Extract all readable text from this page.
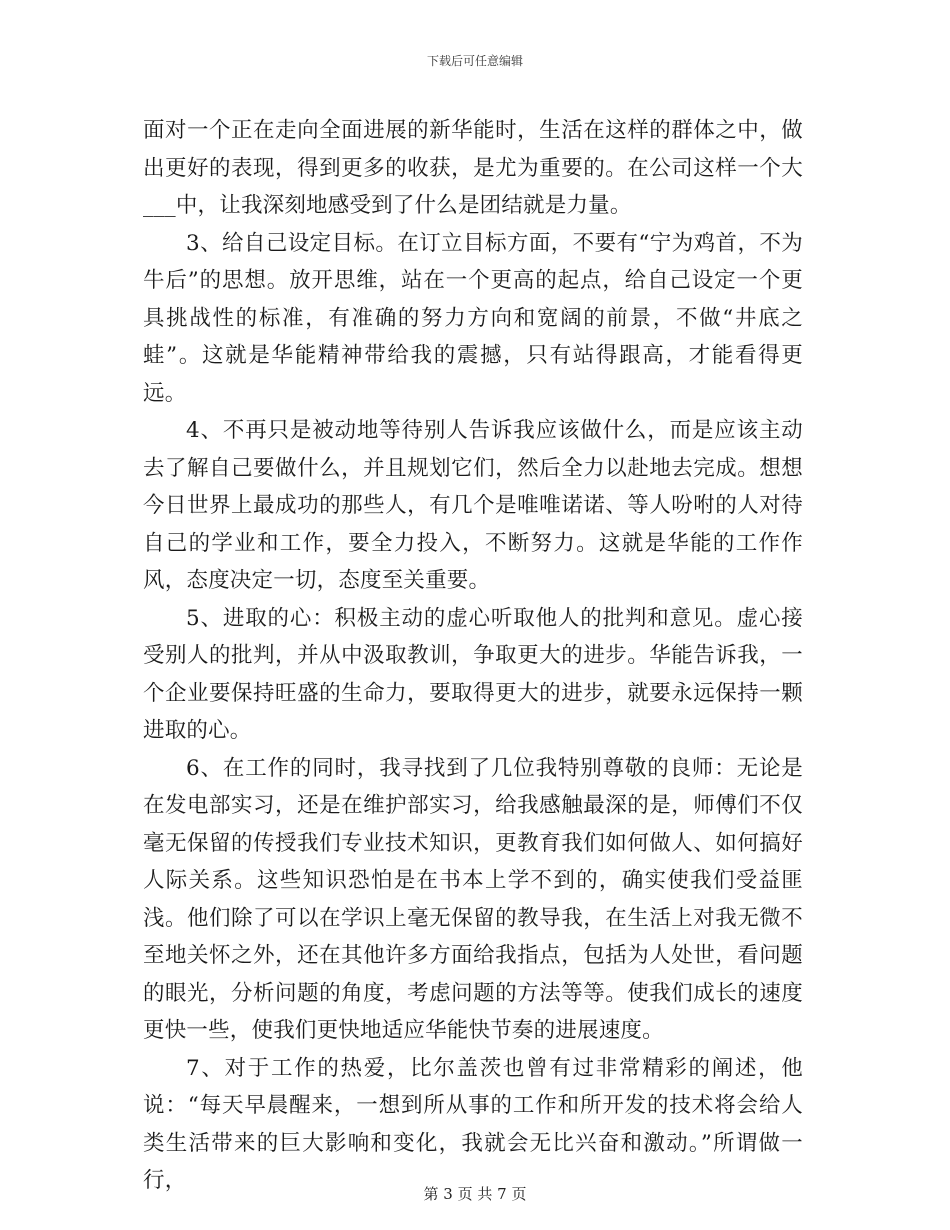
下载后可任意编辑

面对一个正在走向全面进展的新华能时，生活在这样的群体之中，做出更好的表现，得到更多的收获，是尤为重要的。在公司这样一个大___中，让我深刻地感受到了什么是团结就是力量。

3、给自己设定目标。在订立目标方面，不要有“宁为鸡首，不为牛后”的思想。放开思维，站在一个更高的起点，给自己设定一个更具挑战性的标准，有准确的努力方向和宽阔的前景，不做“井底之蛙”。这就是华能精神带给我的震撼，只有站得跟高，才能看得更远。

4、不再只是被动地等待别人告诉我应该做什么，而是应该主动去了解自己要做什么，并且规划它们，然后全力以赴地去完成。想想今日世界上最成功的那些人，有几个是唯唯诺诺、等人吩咐的人对待自己的学业和工作，要全力投入，不断努力。这就是华能的工作作风，态度决定一切，态度至关重要。

5、进取的心：积极主动的虚心听取他人的批判和意见。虚心接受别人的批判，并从中汲取教训，争取更大的进步。华能告诉我，一个企业要保持旺盛的生命力，要取得更大的进步，就要永远保持一颗进取的心。

6、在工作的同时，我寻找到了几位我特别尊敬的良师：无论是在发电部实习，还是在维护部实习，给我感触最深的是，师傅们不仅毫无保留的传授我们专业技术知识，更教育我们如何做人、如何搞好人际关系。这些知识恐怕是在书本上学不到的，确实使我们受益匪浅。他们除了可以在学识上毫无保留的教导我，在生活上对我无微不至地关怀之外，还在其他许多方面给我指点，包括为人处世，看问题的眼光，分析问题的角度，考虑问题的方法等等。使我们成长的速度更快一些，使我们更快地适应华能快节奏的进展速度。

7、对于工作的热爱，比尔盖茨也曾有过非常精彩的阐述，他说：“每天早晨醒来，一想到所从事的工作和所开发的技术将会给人类生活带来的巨大影响和变化，我就会无比兴奋和激动。”所谓做一行，

第 3 页 共 7 页
